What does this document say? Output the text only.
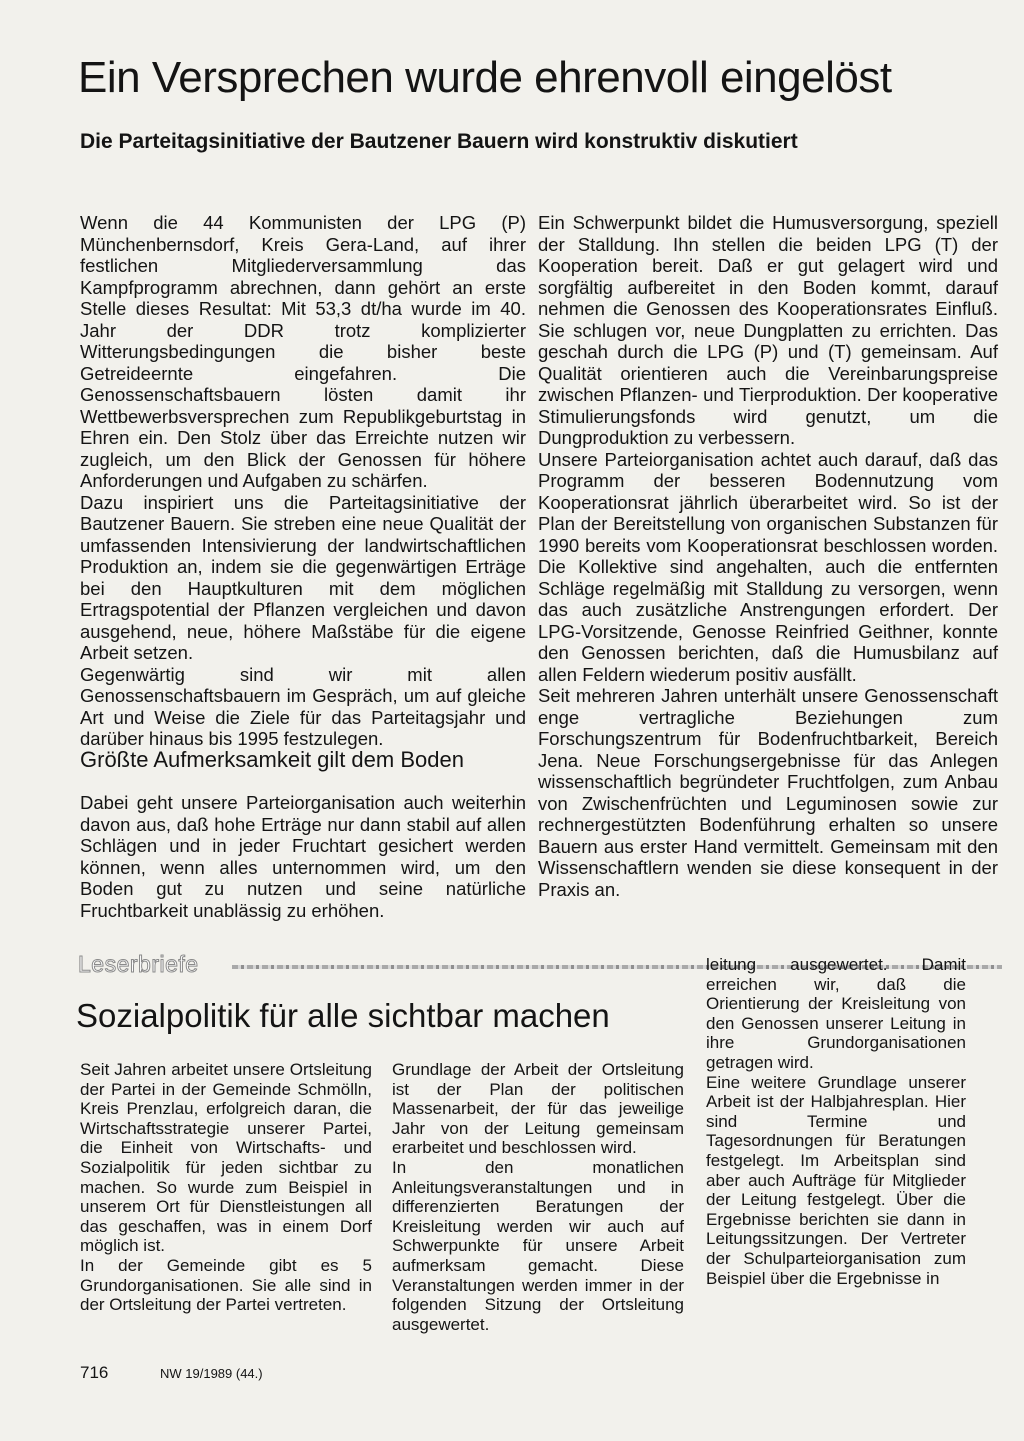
Ein Versprechen wurde ehrenvoll eingelöst
Die Parteitagsinitiative der Bautzener Bauern wird konstruktiv diskutiert

Wenn die 44 Kommunisten der LPG (P) Münchenbernsdorf, Kreis Gera-Land, auf ihrer festlichen Mitgliederversammlung das Kampfprogramm abrechnen, dann gehört an erste Stelle dieses Resultat: Mit 53,3 dt/ha wurde im 40. Jahr der DDR trotz komplizierter Witterungsbedingungen die bisher beste Getreideernte eingefahren. Die Genossenschaftsbauern lösten damit ihr Wettbewerbsversprechen zum Republikgeburtstag in Ehren ein. Den Stolz über das Erreichte nutzen wir zugleich, um den Blick der Genossen für höhere Anforderungen und Aufgaben zu schärfen.

Dazu inspiriert uns die Parteitagsinitiative der Bautzener Bauern. Sie streben eine neue Qualität der umfassenden Intensivierung der landwirtschaftlichen Produktion an, indem sie die gegenwärtigen Erträge bei den Hauptkulturen mit dem möglichen Ertragspotential der Pflanzen vergleichen und davon ausgehend, neue, höhere Maßstäbe für die eigene Arbeit setzen.

Gegenwärtig sind wir mit allen Genossenschaftsbauern im Gespräch, um auf gleiche Art und Weise die Ziele für das Parteitagsjahr und darüber hinaus bis 1995 festzulegen.

Größte Aufmerksamkeit gilt dem Boden

Dabei geht unsere Parteiorganisation auch weiterhin davon aus, daß hohe Erträge nur dann stabil auf allen Schlägen und in jeder Fruchtart gesichert werden können, wenn alles unternommen wird, um den Boden gut zu nutzen und seine natürliche Fruchtbarkeit unablässig zu erhöhen.

Ein Schwerpunkt bildet die Humusversorgung, speziell der Stalldung. Ihn stellen die beiden LPG (T) der Kooperation bereit. Daß er gut gelagert wird und sorgfältig aufbereitet in den Boden kommt, darauf nehmen die Genossen des Kooperationsrates Einfluß. Sie schlugen vor, neue Dungplatten zu errichten. Das geschah durch die LPG (P) und (T) gemeinsam. Auf Qualität orientieren auch die Vereinbarungspreise zwischen Pflanzen- und Tierproduktion. Der kooperative Stimulierungsfonds wird genutzt, um die Dungproduktion zu verbessern.

Unsere Parteiorganisation achtet auch darauf, daß das Programm der besseren Bodennutzung vom Kooperationsrat jährlich überarbeitet wird. So ist der Plan der Bereitstellung von organischen Substanzen für 1990 bereits vom Kooperationsrat beschlossen worden. Die Kollektive sind angehalten, auch die entfernten Schläge regelmäßig mit Stalldung zu versorgen, wenn das auch zusätzliche Anstrengungen erfordert. Der LPG-Vorsitzende, Genosse Reinfried Geithner, konnte den Genossen berichten, daß die Humusbilanz auf allen Feldern wiederum positiv ausfällt.

Seit mehreren Jahren unterhält unsere Genossenschaft enge vertragliche Beziehungen zum Forschungszentrum für Bodenfruchtbarkeit, Bereich Jena. Neue Forschungsergebnisse für das Anlegen wissenschaftlich begründeter Fruchtfolgen, zum Anbau von Zwischenfrüchten und Leguminosen sowie zur rechnergestützten Bodenführung erhalten so unsere Bauern aus erster Hand vermittelt. Gemeinsam mit den Wissenschaftlern wenden sie diese konsequent in der Praxis an.

Leserbriefe
Sozialpolitik für alle sichtbar machen

Seit Jahren arbeitet unsere Ortsleitung der Partei in der Gemeinde Schmölln, Kreis Prenzlau, erfolgreich daran, die Wirtschaftsstrategie unserer Partei, die Einheit von Wirtschafts- und Sozialpolitik für jeden sichtbar zu machen. So wurde zum Beispiel in unserem Ort für Dienstleistungen all das geschaffen, was in einem Dorf möglich ist.

In der Gemeinde gibt es 5 Grundorganisationen. Sie alle sind in der Ortsleitung der Partei vertreten.

Grundlage der Arbeit der Ortsleitung ist der Plan der politischen Massenarbeit, der für das jeweilige Jahr von der Leitung gemeinsam erarbeitet und beschlossen wird.

In den monatlichen Anleitungsveranstaltungen und in differenzierten Beratungen der Kreisleitung werden wir auch auf Schwerpunkte für unsere Arbeit aufmerksam gemacht. Diese Veranstaltungen werden immer in der folgenden Sitzung der Ortsleitung ausgewertet.

leitung ausgewertet. Damit erreichen wir, daß die Orientierung der Kreisleitung von den Genossen unserer Leitung in ihre Grundorganisationen getragen wird.

Eine weitere Grundlage unserer Arbeit ist der Halbjahresplan. Hier sind Termine und Tagesordnungen für Beratungen festgelegt. Im Arbeitsplan sind aber auch Aufträge für Mitglieder der Leitung festgelegt. Über die Ergebnisse berichten sie dann in Leitungssitzungen. Der Vertreter der Schulparteiorganisation zum Beispiel über die Ergebnisse in

716	NW 19/1989 (44.)
